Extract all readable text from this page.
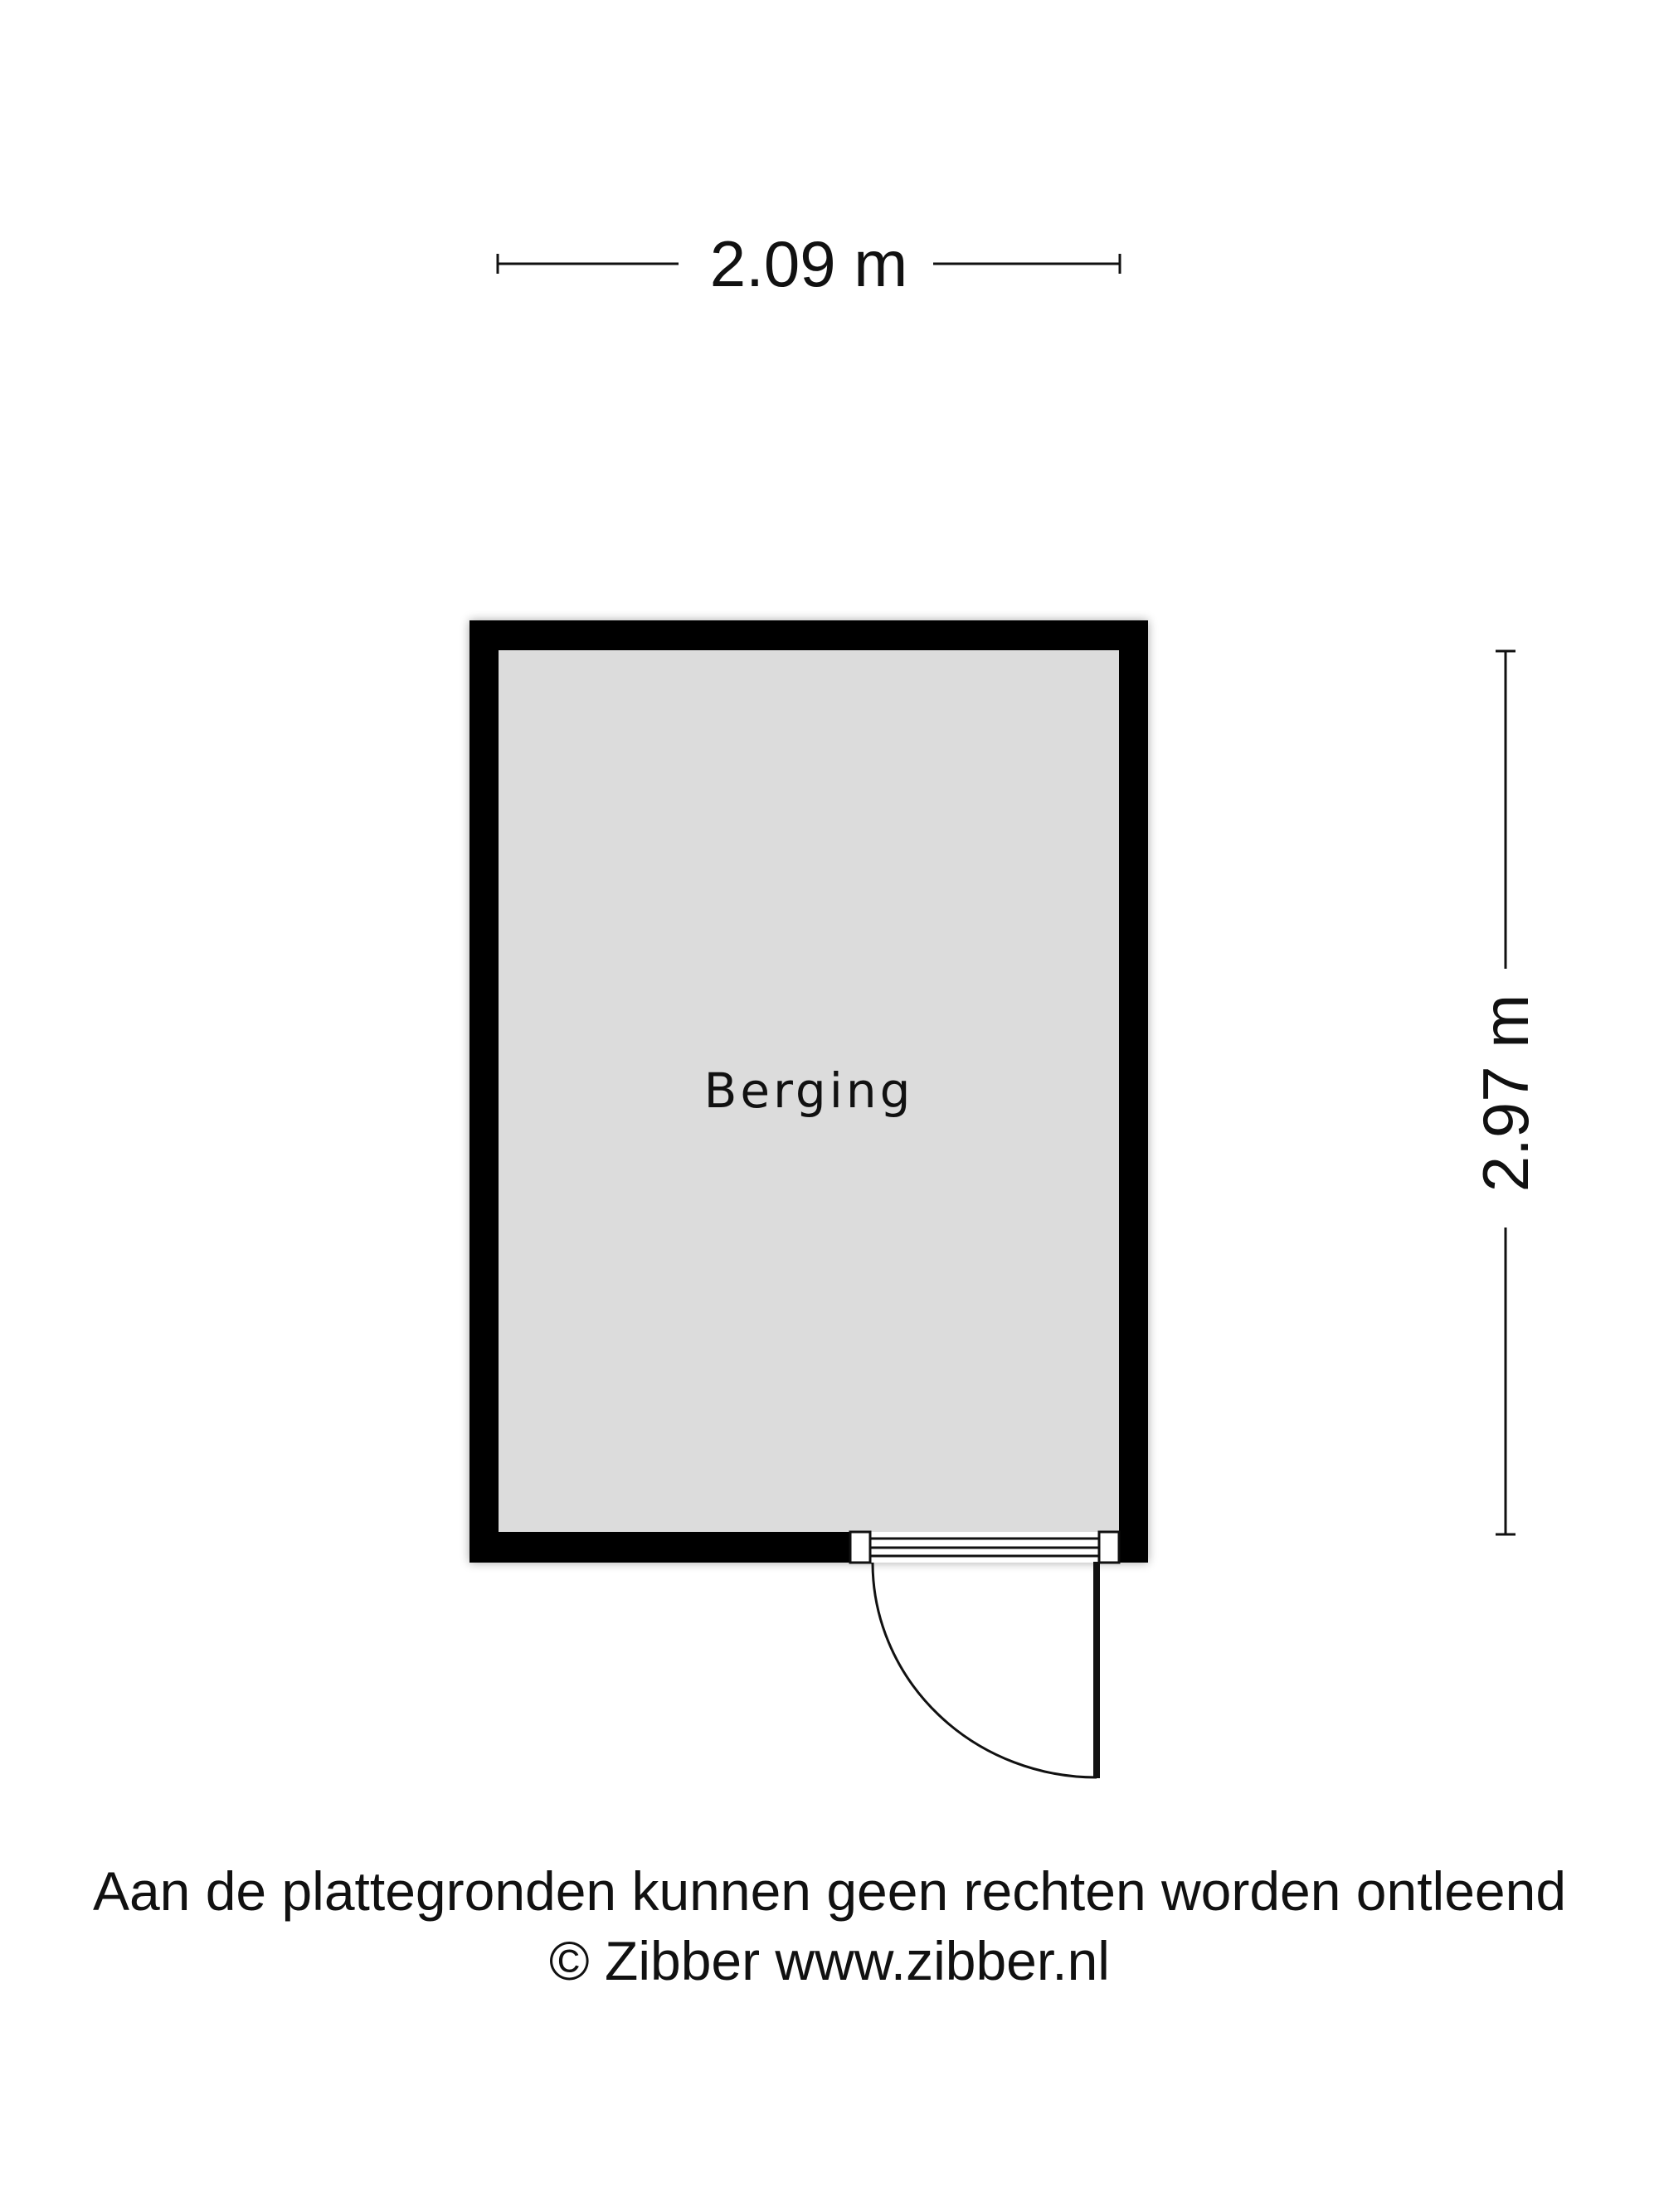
2.09 m
2.97 m
Berging
Aan de plattegronden kunnen geen rechten worden ontleend
© Zibber www.zibber.nl
